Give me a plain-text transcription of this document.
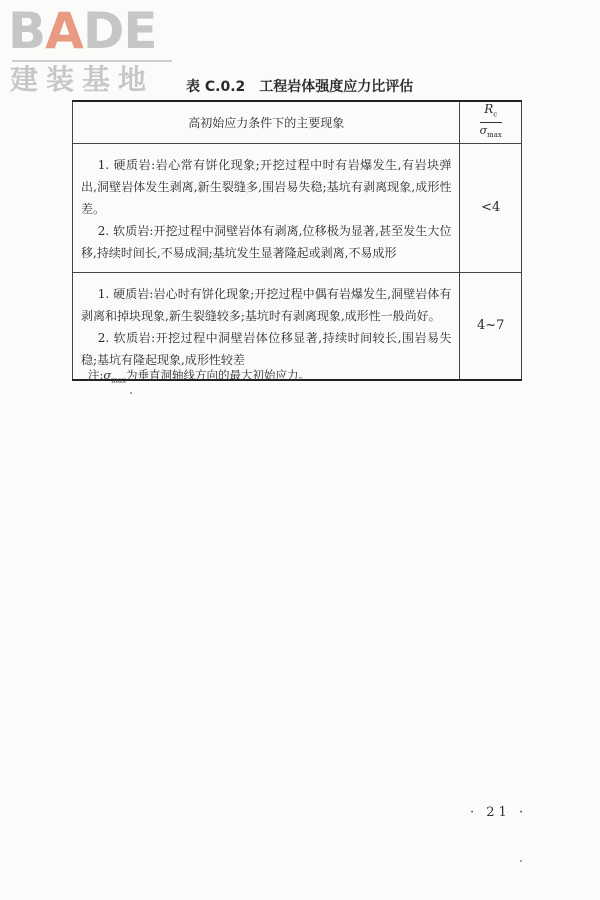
B A D E
建装基地 表 C.0.2 工程岩体强度应力比评估
高初始应力条件下的主要现象	$\frac{R_c}{\sigma_{max}}$

1. 硬质岩:岩心常有饼化现象;开挖过程中时有岩爆发生,有岩块弹出,洞壁岩体发生剥离,新生裂缝多,围岩易失稳;基坑有剥离现象,成形性差。

2. 软质岩:开挖过程中洞壁岩体有剥离,位移极为显著,甚至发生大位移,持续时间长,不易成洞;基坑发生显著隆起或剥离,不易成形	<4

1. 硬质岩:岩心时有饼化现象;开挖过程中偶有岩爆发生,洞壁岩体有剥离和掉块现象,新生裂缝较多;基坑时有剥离现象,成形性一般尚好。

2. 软质岩:开挖过程中洞壁岩体位移显著,持续时间较长,围岩易失稳;基坑有隆起现象,成形性较差	4~7
注$:\sigma_{max}$为垂直洞轴线方向的最大初始应力。
· 21 ·
